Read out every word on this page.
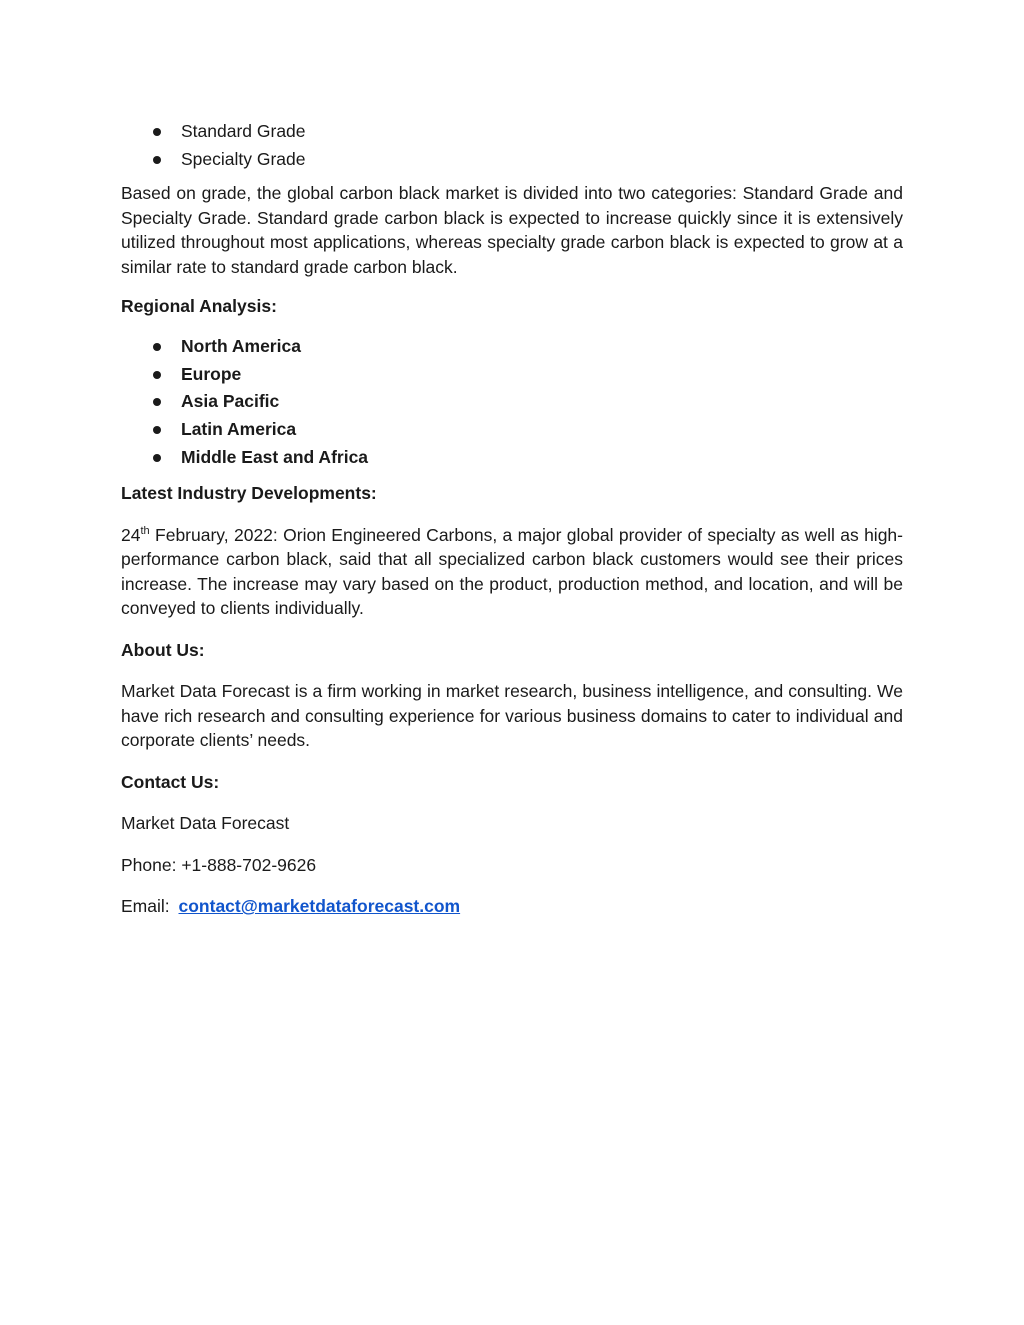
Standard Grade
Specialty Grade

Based on grade, the global carbon black market is divided into two categories: Standard Grade and Specialty Grade. Standard grade carbon black is expected to increase quickly since it is extensively utilized throughout most applications, whereas specialty grade carbon black is expected to grow at a similar rate to standard grade carbon black.

Regional Analysis:

North America
Europe
Asia Pacific
Latin America
Middle East and Africa

Latest Industry Developments:

24th February, 2022: Orion Engineered Carbons, a major global provider of specialty as well as high-performance carbon black, said that all specialized carbon black customers would see their prices increase. The increase may vary based on the product, production method, and location, and will be conveyed to clients individually.

About Us:

Market Data Forecast is a firm working in market research, business intelligence, and consulting. We have rich research and consulting experience for various business domains to cater to individual and corporate clients’ needs.

Contact Us:

Market Data Forecast

Phone: +1-888-702-9626

Email: contact@marketdataforecast.com
